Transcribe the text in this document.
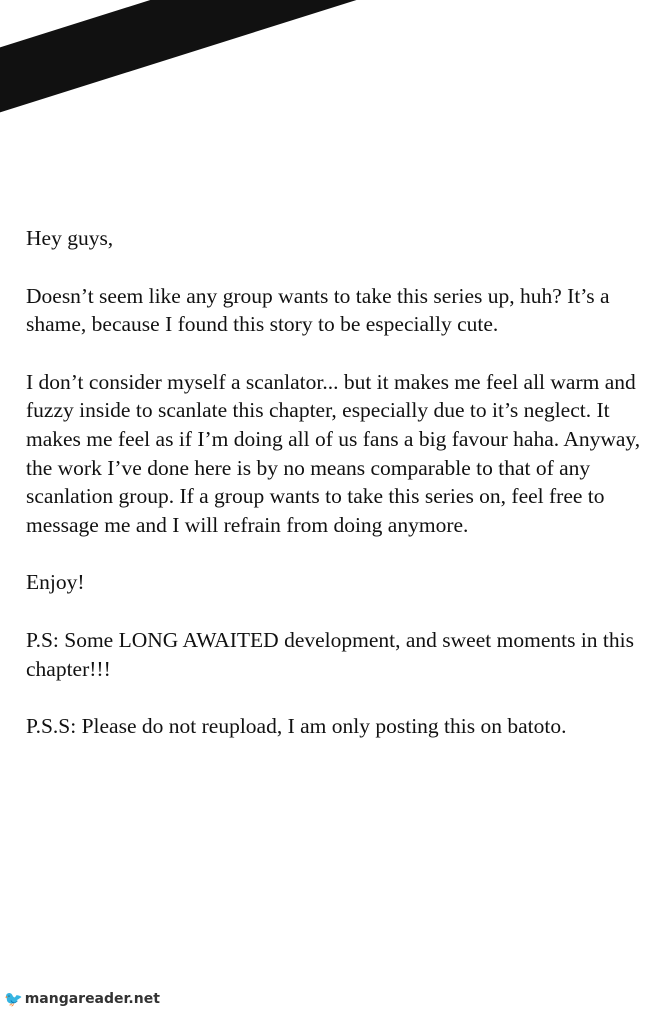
CASE.23連発花火のプレゼント

Hey guys,

Doesn’t seem like any group wants to take this series up, huh? It’s a shame, because I found this story to be especially cute.

I don’t consider myself a scanlator... but it makes me feel all warm and fuzzy inside to scanlate this chapter, especially due to it’s neglect. It makes me feel as if I’m doing all of us fans a big favour haha. Anyway, the work I’ve done here is by no means comparable to that of any scanlation group. If a group wants to take this series on, feel free to message me and I will refrain from doing anymore.

Enjoy!

P.S: Some LONG AWAITED development, and sweet moments in this chapter!!!

P.S.S: Please do not reupload, I am only posting this on batoto.

🐦 mangareader.net
